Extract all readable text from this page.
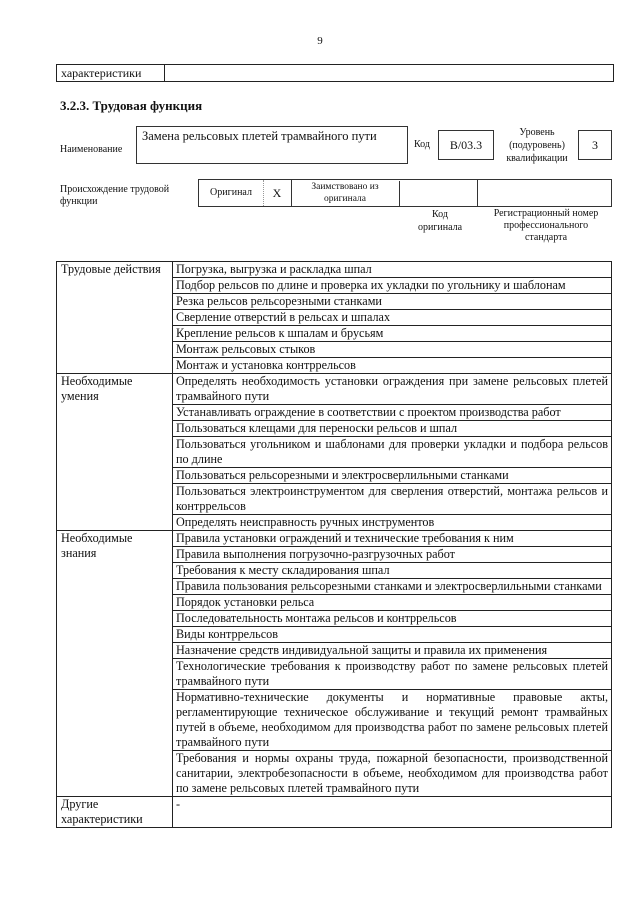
9
характеристики
3.2.3. Трудовая функция
Наименование
Замена рельсовых плетей трамвайного пути
Код	В/03.3
Уровень (подуровень) квалификации
3
Происхождение трудовой функции
Оригинал	X	Заимствовано из оригинала
Код оригинала
Регистрационный номер профессионального стандарта
Трудовые действия	Погрузка, выгрузка и раскладка шпал
	Подбор рельсов по длине и проверка их укладки по угольнику и шаблонам
	Резка рельсов рельсорезными станками
	Сверление отверстий в рельсах и шпалах
	Крепление рельсов к шпалам и брусьям
	Монтаж рельсовых стыков
	Монтаж и установка контррельсов
Необходимые умения	Определять необходимость установки ограждения при замене рельсовых плетей трамвайного пути
	Устанавливать ограждение в соответствии с проектом производства работ
	Пользоваться клещами для переноски рельсов и шпал
	Пользоваться угольником и шаблонами для проверки укладки и подбора рельсов по длине
	Пользоваться рельсорезными и электросверлильными станками
	Пользоваться электроинструментом для сверления отверстий, монтажа рельсов и контррельсов
	Определять неисправность ручных инструментов
Необходимые знания	Правила установки ограждений и технические требования к ним
	Правила выполнения погрузочно-разгрузочных работ
	Требования к месту складирования шпал
	Правила пользования рельсорезными станками и электросверлильными станками
	Порядок установки рельса
	Последовательность монтажа рельсов и контррельсов
	Виды контррельсов
	Назначение средств индивидуальной защиты и правила их применения
	Технологические требования к производству работ по замене рельсовых плетей трамвайного пути
	Нормативно-технические документы и нормативные правовые акты, регламентирующие техническое обслуживание и текущий ремонт трамвайных путей в объеме, необходимом для производства работ по замене рельсовых плетей трамвайного пути
	Требования и нормы охраны труда, пожарной безопасности, производственной санитарии, электробезопасности в объеме, необходимом для производства работ по замене рельсовых плетей трамвайного пути
Другие характеристики	-
